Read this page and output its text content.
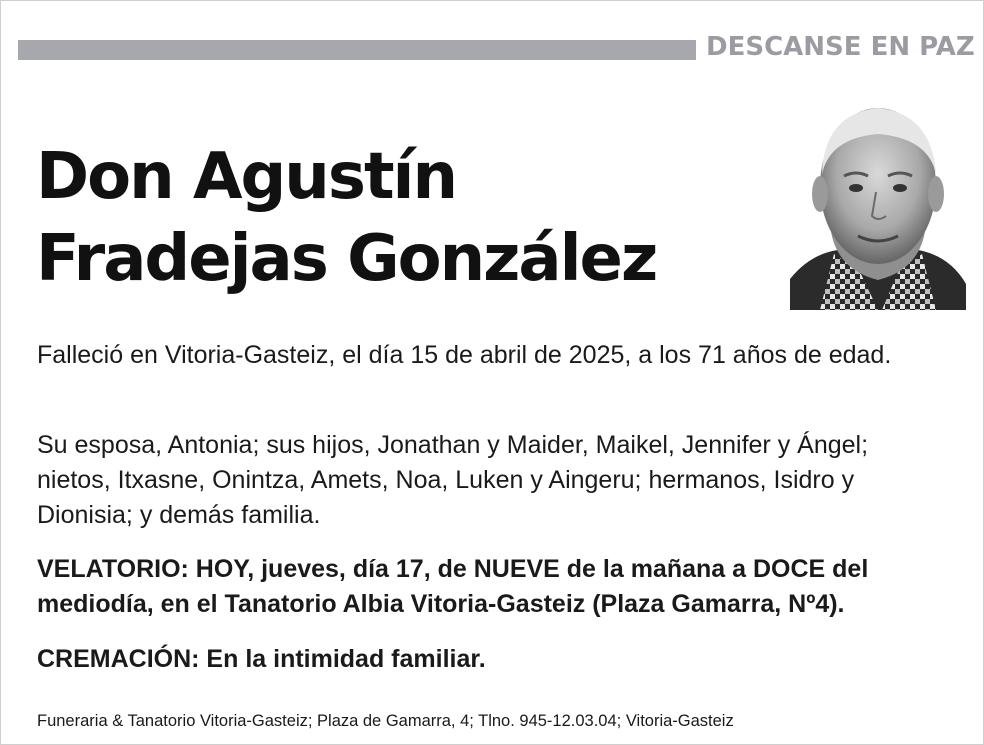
DESCANSE EN PAZ
Don Agustín
Fradejas González
Falleció en Vitoria-Gasteiz, el día 15 de abril de 2025, a los 71 años de edad.
Su esposa, Antonia; sus hijos, Jonathan y Maider, Maikel, Jennifer y Ángel; nietos, Itxasne, Onintza, Amets, Noa, Luken y Aingeru; hermanos, Isidro y Dionisia; y demás familia.
VELATORIO: HOY, jueves, día 17, de NUEVE de la mañana a DOCE del mediodía, en el Tanatorio Albia Vitoria-Gasteiz (Plaza Gamarra, Nº4).
CREMACIÓN: En la intimidad familiar.
Funeraria & Tanatorio Vitoria-Gasteiz; Plaza de Gamarra, 4; Tlno. 945-12.03.04; Vitoria-Gasteiz
